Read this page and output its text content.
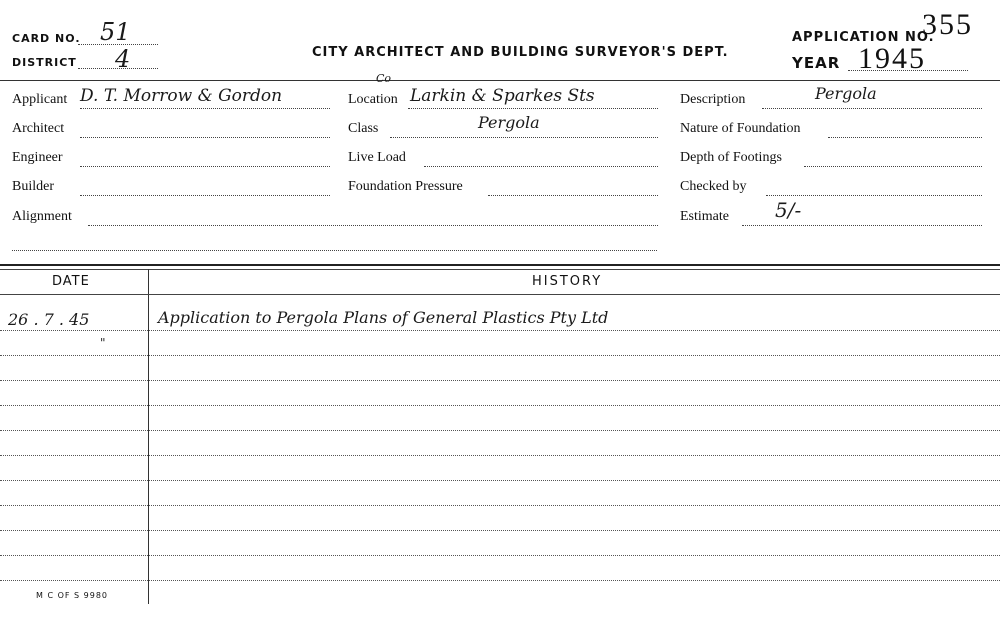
CARD NO. 51
DISTRICT 4	CITY ARCHITECT AND BUILDING SURVEYOR'S DEPT.
APPLICATION NO.
355
YEAR 1945
Applicant D. T. Morrow & Gordon
Architect
Engineer
Builder
Alignment
Co
Location Larkin & Sparkes Sts
Class	Pergola
Live Load
Foundation Pressure
Description	Pergola
Nature of Foundation
Depth of Footings
Checked by
Estimate 5/-
DATE	HISTORY
26 . 7 . 45	Application to Pergola Plans of General Plastics Pty Ltd
"
M C OF S 9980
